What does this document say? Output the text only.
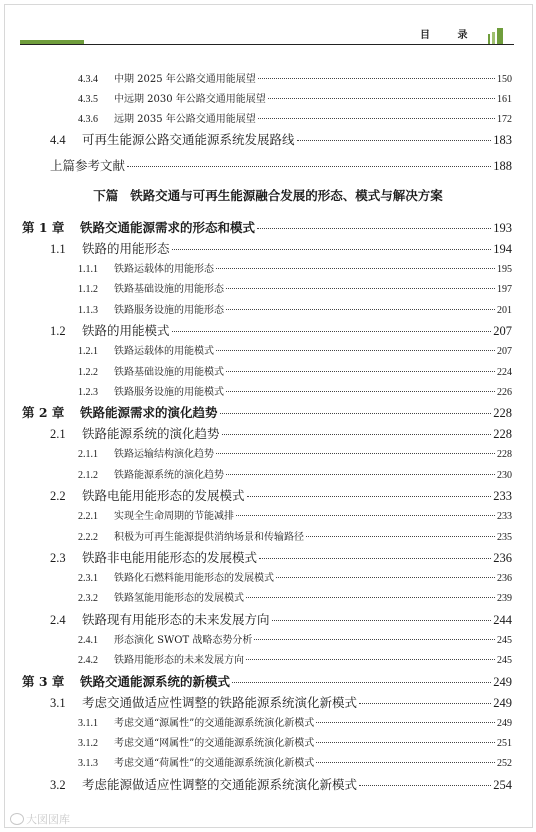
目 录
4.3.4	中期 2025 年公路交通用能展望	150
4.3.5	中远期 2030 年公路交通用能展望	161
4.3.6	远期 2035 年公路交通用能展望	172
4.4	可再生能源公路交通能源系统发展路线	183
上篇参考文献	188
第 1 章	铁路交通能源需求的形态和模式	193
1.1	铁路的用能形态	194
1.1.1	铁路运载体的用能形态	195
1.1.2	铁路基础设施的用能形态	197
1.1.3	铁路服务设施的用能形态	201
1.2	铁路的用能模式	207
1.2.1	铁路运载体的用能模式	207
1.2.2	铁路基础设施的用能模式	224
1.2.3	铁路服务设施的用能模式	226
第 2 章	铁路能源需求的演化趋势	228
2.1	铁路能源系统的演化趋势	228
2.1.1	铁路运输结构演化趋势	228
2.1.2	铁路能源系统的演化趋势	230
2.2	铁路电能用能形态的发展模式	233
2.2.1	实现全生命周期的节能减排	233
2.2.2	积极为可再生能源提供消纳场景和传输路径	235
2.3	铁路非电能用能形态的发展模式	236
2.3.1	铁路化石燃料能用能形态的发展模式	236
2.3.2	铁路氢能用能形态的发展模式	239
2.4	铁路现有用能形态的未来发展方向	244
2.4.1	形态演化 SWOT 战略态势分析	245
2.4.2	铁路用能形态的未来发展方向	245
第 3 章	铁路交通能源系统的新模式	249
3.1	考虑交通做适应性调整的铁路能源系统演化新模式	249
3.1.1	考虑交通“源属性”的交通能源系统演化新模式	249
3.1.2	考虑交通“网属性”的交通能源系统演化新模式	251
3.1.3	考虑交通“荷属性”的交通能源系统演化新模式	252
3.2	考虑能源做适应性调整的交通能源系统演化新模式	254
下篇 铁路交通与可再生能源融合发展的形态、模式与解决方案
大図図库
